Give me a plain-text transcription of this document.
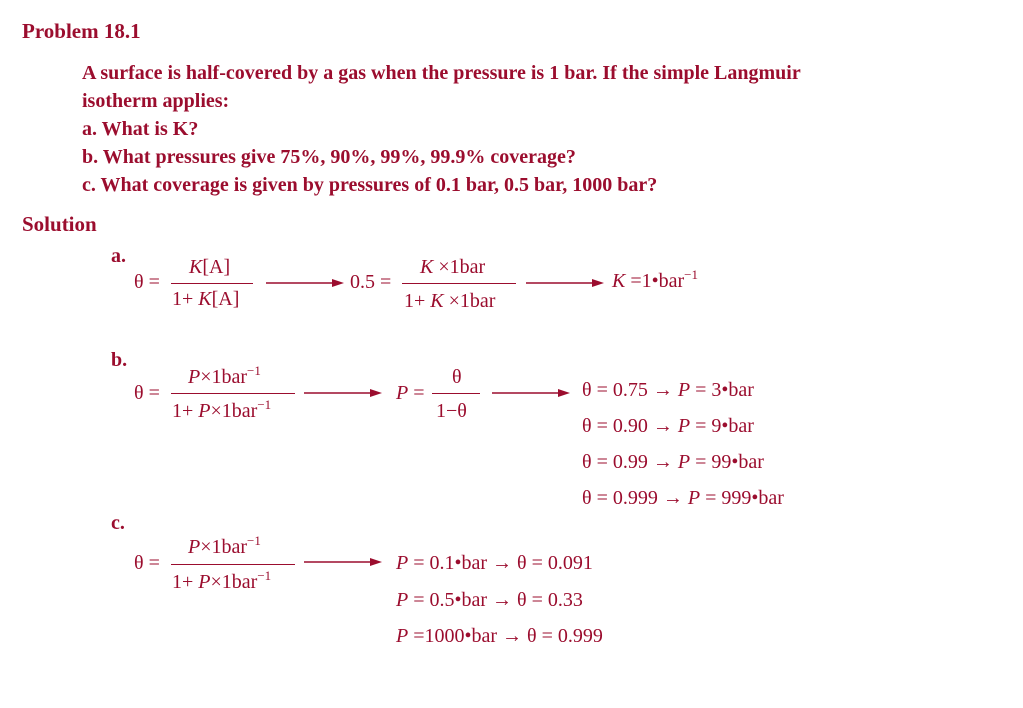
Problem 18.1
A surface is half-covered by a gas when the pressure is 1 bar. If the simple Langmuir
isotherm applies:
a. What is K?
b. What pressures give 75%, 90%, 99%, 99.9% coverage?
c. What coverage is given by pressures of 0.1 bar, 0.5 bar, 1000 bar?
Solution
a.
θ =
K[A]
1+ K[A]
0.5 =
K ×1bar
1+ K ×1bar
K =1•bar$^{-1}$
b.
θ =
P×1bar$^{-1}$
1+ P×1bar$^{-1}$
P =
θ
1−θ
θ = 0.75 → P = 3•bar
θ = 0.90 → P = 9•bar
θ = 0.99 → P = 99•bar
θ = 0.999 → P = 999•bar
c.
θ =
P×1bar$^{-1}$
1+ P×1bar$^{-1}$
P = 0.1•bar → θ = 0.091
P = 0.5•bar → θ = 0.33
P =1000•bar → θ = 0.999
